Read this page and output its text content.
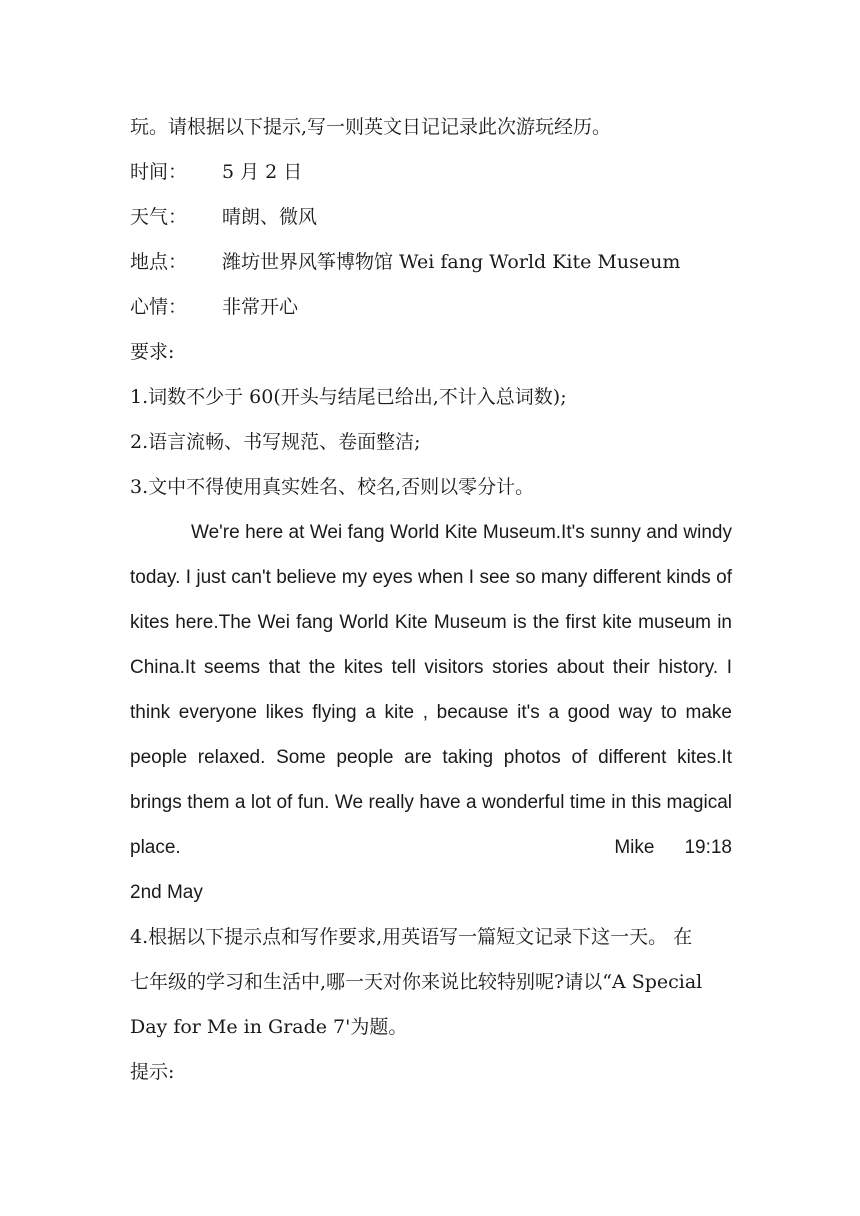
玩。请根据以下提示,写一则英文日记记录此次游玩经历。
时间： 5 月 2 日
天气： 晴朗、微风
地点： 潍坊世界风筝博物馆 Wei fang World Kite Museum
心情： 非常开心
要求:
1.词数不少于 60(开头与结尾已给出,不计入总词数);
2.语言流畅、书写规范、卷面整洁;
3.文中不得使用真实姓名、校名,否则以零分计。

We're here at Wei fang World Kite Museum.It's sunny and windy today. I just can't believe my eyes when I see so many different kinds of kites here.The Wei fang World Kite Museum is the first kite museum in China.It seems that the kites tell visitors stories about their history. I think everyone likes flying a kite , because it's a good way to make people relaxed. Some people are taking photos of different kites.It brings them a lot of fun. We really have a wonderful time in this magical place.	Mike 19:18
2nd May
4.根据以下提示点和写作要求,用英语写一篇短文记录下这一天。 在
七年级的学习和生活中,哪一天对你来说比较特别呢?请以“A Special
Day for Me in Grade 7'为题。
提示:
